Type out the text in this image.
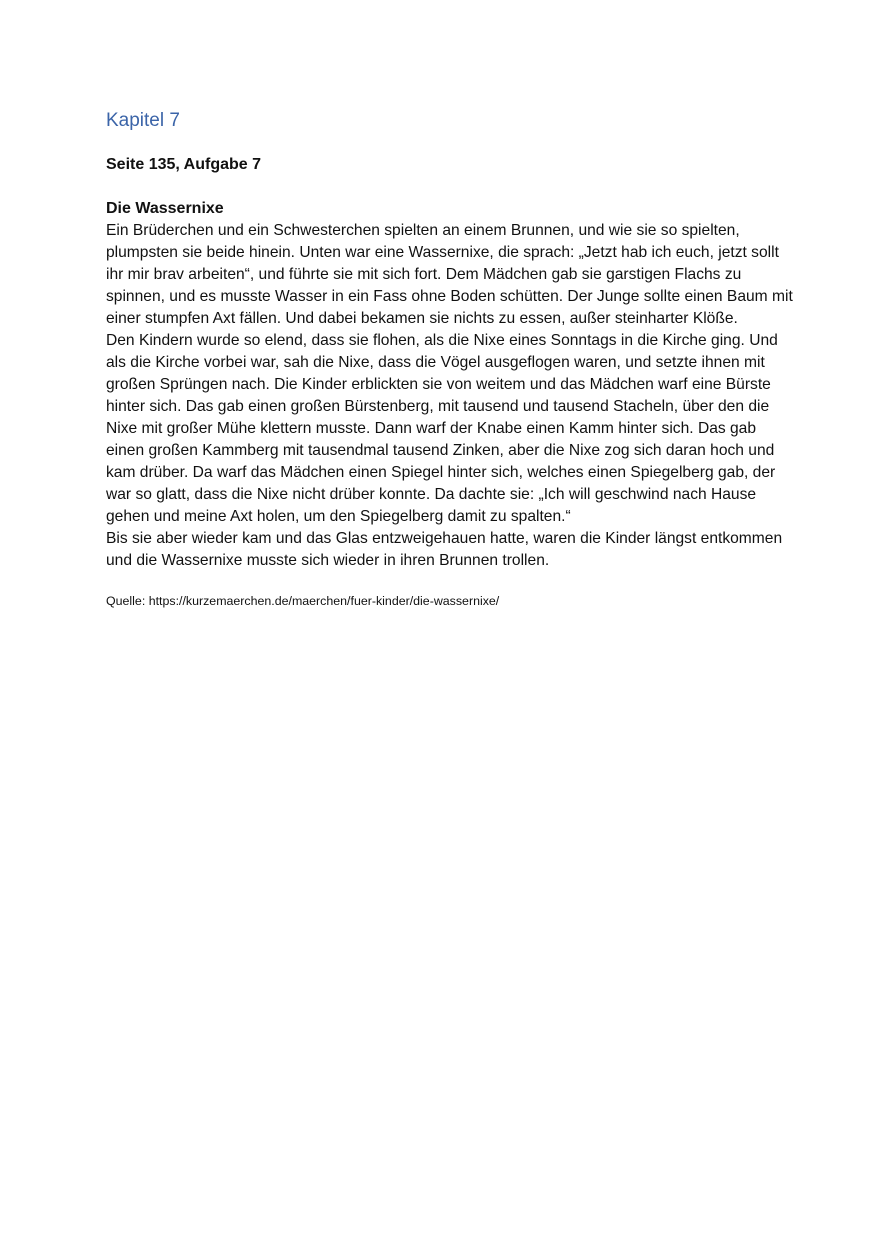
Kapitel 7
Seite 135, Aufgabe 7
Die Wassernixe

Ein Brüderchen und ein Schwesterchen spielten an einem Brunnen, und wie sie so spielten, plumpsten sie beide hinein. Unten war eine Wassernixe, die sprach: „Jetzt hab ich euch, jetzt sollt ihr mir brav arbeiten“, und führte sie mit sich fort. Dem Mädchen gab sie garstigen Flachs zu spinnen, und es musste Wasser in ein Fass ohne Boden schütten. Der Junge sollte einen Baum mit einer stumpfen Axt fällen. Und dabei bekamen sie nichts zu essen, außer steinharter Klöße.

Den Kindern wurde so elend, dass sie flohen, als die Nixe eines Sonntags in die Kirche ging. Und als die Kirche vorbei war, sah die Nixe, dass die Vögel ausgeflogen waren, und setzte ihnen mit großen Sprüngen nach. Die Kinder erblickten sie von weitem und das Mädchen warf eine Bürste hinter sich. Das gab einen großen Bürstenberg, mit tausend und tausend Stacheln, über den die Nixe mit großer Mühe klettern musste. Dann warf der Knabe einen Kamm hinter sich. Das gab einen großen Kammberg mit tausendmal tausend Zinken, aber die Nixe zog sich daran hoch und kam drüber. Da warf das Mädchen einen Spiegel hinter sich, welches einen Spiegelberg gab, der war so glatt, dass die Nixe nicht drüber konnte. Da dachte sie: „Ich will geschwind nach Hause gehen und meine Axt holen, um den Spiegelberg damit zu spalten.“

Bis sie aber wieder kam und das Glas entzweigehauen hatte, waren die Kinder längst entkommen und die Wassernixe musste sich wieder in ihren Brunnen trollen.

Quelle: https://kurzemaerchen.de/maerchen/fuer-kinder/die-wassernixe/
